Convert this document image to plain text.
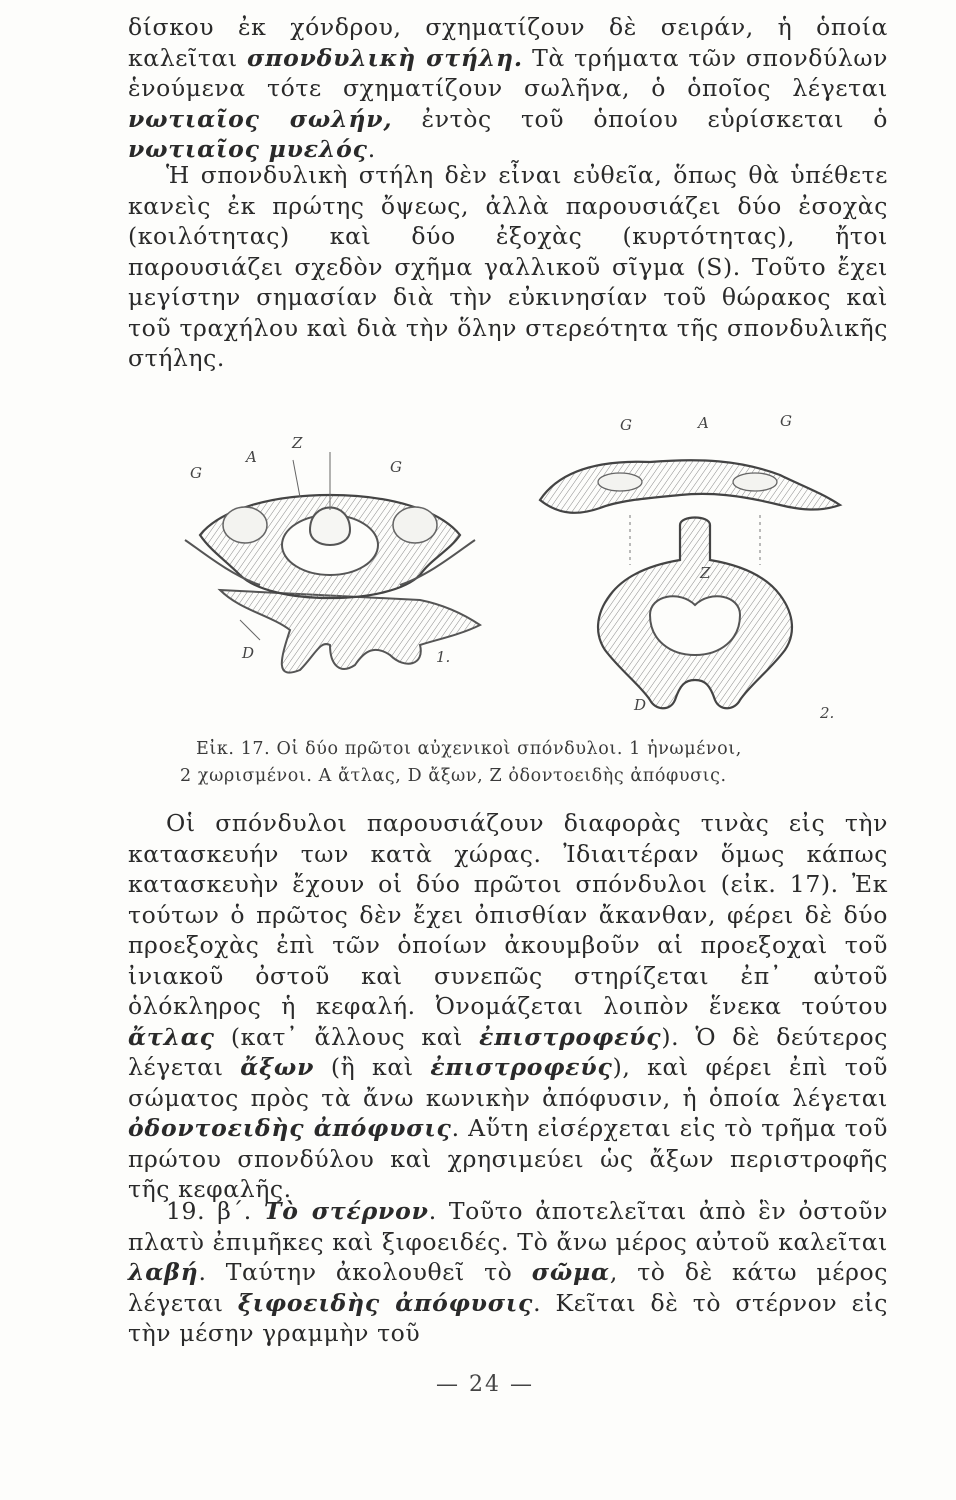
δίσκου ἐκ χόνδρου, σχηματίζουν δὲ σειράν, ἡ ὁποία καλεῖται σπονδυλικὴ στήλη. Τὰ τρήματα τῶν σπονδύλων ἑνούμενα τότε σχηματίζουν σωλῆνα, ὁ ὁποῖος λέγεται νωτιαῖος σωλήν, ἐντὸς τοῦ ὁποίου εὑρίσκεται ὁ νωτιαῖος μυελός.

Ἡ σπονδυλικὴ στήλη δὲν εἶναι εὐθεῖα, ὅπως θὰ ὑπέθετε κανεὶς ἐκ πρώτης ὄψεως, ἀλλὰ παρουσιάζει δύο ἐσοχὰς (κοιλότητας) καὶ δύο ἐξοχὰς (κυρτότητας), ἤτοι παρουσιάζει σχεδὸν σχῆμα γαλλικοῦ σῖγμα (S). Τοῦτο ἔχει μεγίστην σημασίαν διὰ τὴν εὐκινησίαν τοῦ θώρακος καὶ τοῦ τραχήλου καὶ διὰ τὴν ὅλην στερεότητα τῆς σπονδυλικῆς στήλης.

G
A
Z
G
D	1.
G	A	G
Z
D	2.

Εἰκ. 17. Οἱ δύο πρῶτοι αὐχενικοὶ σπόνδυλοι. 1 ἡνωμένοι,

2 χωρισμένοι. A ἄτλας, D ἄξων, Z ὀδοντοειδὴς ἀπόφυσις.

Οἱ σπόνδυλοι παρουσιάζουν διαφορὰς τινὰς εἰς τὴν κατασκευήν των κατὰ χώρας. Ἰδιαιτέραν ὅμως κάπως κατασκευὴν ἔχουν οἱ δύο πρῶτοι σπόνδυλοι (εἰκ. 17). Ἐκ τούτων ὁ πρῶτος δὲν ἔχει ὀπισθίαν ἄκανθαν, φέρει δὲ δύο προεξοχὰς ἐπὶ τῶν ὁποίων ἀκουμβοῦν αἱ προεξοχαὶ τοῦ ἰνιακοῦ ὀστοῦ καὶ συνεπῶς στηρίζεται ἐπ᾿ αὐτοῦ ὁλόκληρος ἡ κεφαλή. Ὀνομάζεται λοιπὸν ἕνεκα τούτου ἄτλας (κατ᾿ ἄλλους καὶ ἐπιστροφεύς). Ὁ δὲ δεύτερος λέγεται ἄξων (ἢ καὶ ἐπιστροφεύς), καὶ φέρει ἐπὶ τοῦ σώματος πρὸς τὰ ἄνω κωνικὴν ἀπόφυσιν, ἡ ὁποία λέγεται ὀδοντοειδὴς ἀπόφυσις. Αὕτη εἰσέρχεται εἰς τὸ τρῆμα τοῦ πρώτου σπονδύλου καὶ χρησιμεύει ὡς ἄξων περιστροφῆς τῆς κεφαλῆς.

19. β΄. Τὸ στέρνον. Τοῦτο ἀποτελεῖται ἀπὸ ἓν ὀστοῦν πλατὺ ἐπιμῆκες καὶ ξιφοειδές. Τὸ ἄνω μέρος αὐτοῦ καλεῖται λαβή. Ταύτην ἀκολουθεῖ τὸ σῶμα, τὸ δὲ κάτω μέρος λέγεται ξιφοειδὴς ἀπόφυσις. Κεῖται δὲ τὸ στέρνον εἰς τὴν μέσην γραμμὴν τοῦ

— 24 —
